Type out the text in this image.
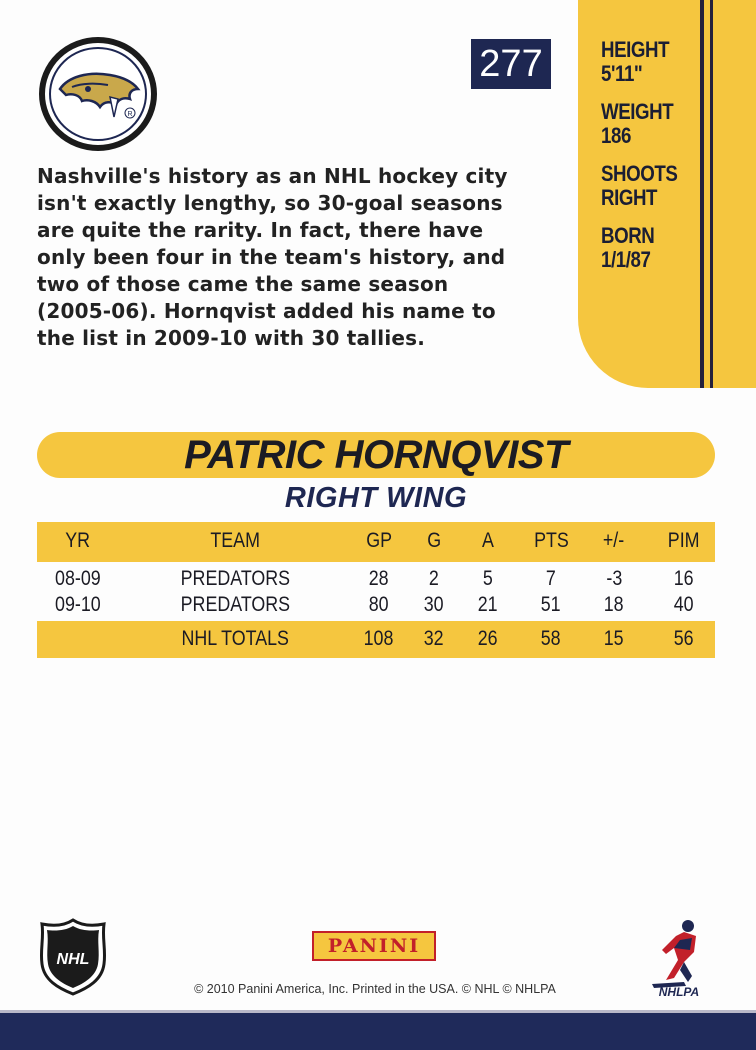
HEIGHT
5'11"
WEIGHT
186
SHOOTS
RIGHT
BORN
1/1/87
277
R
Nashville's history as an NHL hockey city
isn't exactly lengthy, so 30-goal seasons
are quite the rarity. In fact, there have
only been four in the team's history, and
two of those came the same season
(2005-06). Hornqvist added his name to
the list in 2009-10 with 30 tallies.
PATRIC HORNQVIST
RIGHT WING
YR	TEAM	GP	G	A	PTS	+/-	PIM
08-09	PREDATORS	28	2	5	7	-3	16
09-10	PREDATORS	80	30	21	51	18	40
NHL TOTALS	108	32	26	58	15	56
NHL
PANINI
© 2010 Panini America, Inc. Printed in the USA. © NHL © NHLPA	NHLPA
